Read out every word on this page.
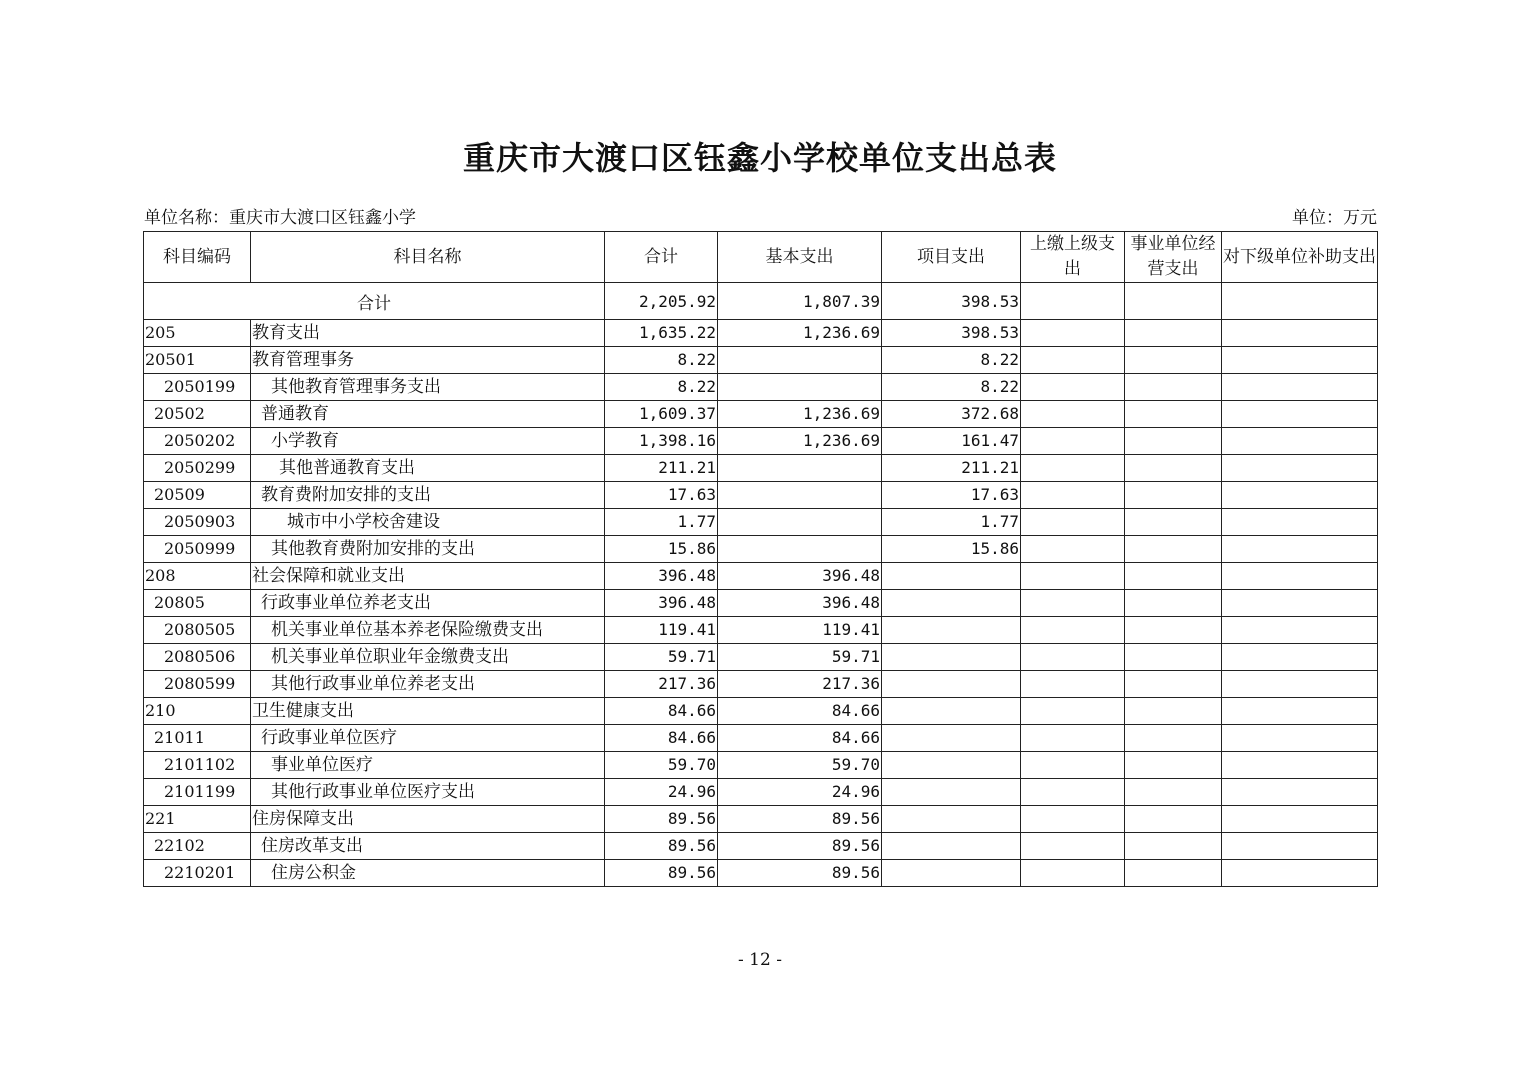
重庆市大渡口区钰鑫小学校单位支出总表
单位名称：重庆市大渡口区钰鑫小学	单位：万元
科目编码	科目名称	合计	基本支出	项目支出	上缴上级支出	事业单位经营支出	对下级单位补助支出
合计		2,205.92	1,807.39	398.53			
205	教育支出	1,635.22	1,236.69	398.53			
20501	教育管理事务	8.22		8.22			
2050199	其他教育管理事务支出	8.22		8.22			
20502	普通教育	1,609.37	1,236.69	372.68			
2050202	小学教育	1,398.16	1,236.69	161.47			
2050299	其他普通教育支出	211.21		211.21			
20509	教育费附加安排的支出	17.63		17.63			
2050903	城市中小学校舍建设	1.77		1.77			
2050999	其他教育费附加安排的支出	15.86		15.86			
208	社会保障和就业支出	396.48	396.48				
20805	行政事业单位养老支出	396.48	396.48				
2080505	机关事业单位基本养老保险缴费支出	119.41	119.41				
2080506	机关事业单位职业年金缴费支出	59.71	59.71				
2080599	其他行政事业单位养老支出	217.36	217.36				
210	卫生健康支出	84.66	84.66				
21011	行政事业单位医疗	84.66	84.66				
2101102	事业单位医疗	59.70	59.70				
2101199	其他行政事业单位医疗支出	24.96	24.96				
221	住房保障支出	89.56	89.56				
22102	住房改革支出	89.56	89.56				
2210201	住房公积金	89.56	89.56				
- 12 -
